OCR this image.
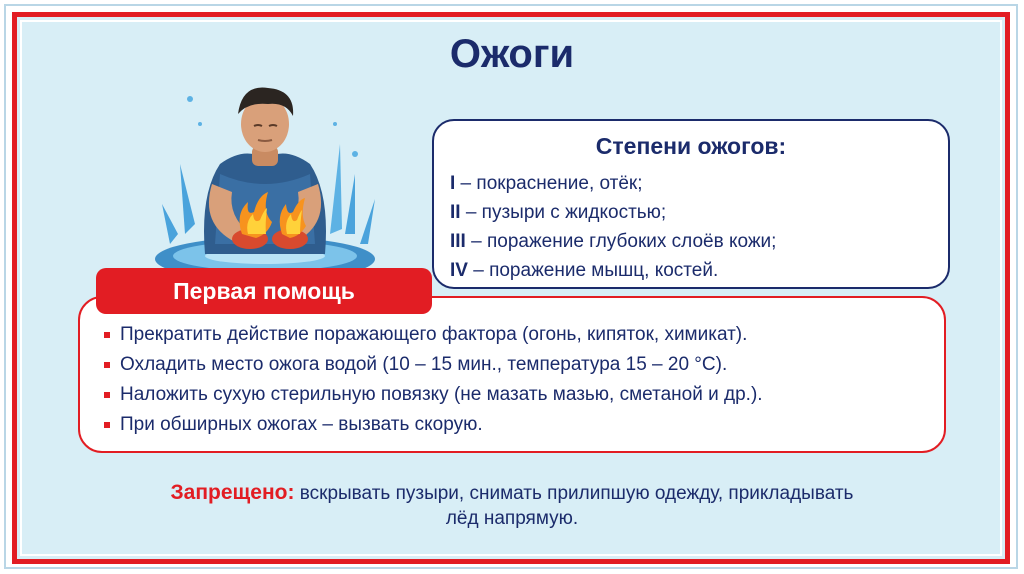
Ожоги
Степени ожогов:
I – покраснение, отёк;
II – пузыри с жидкостью;
III – поражение глубоких слоёв кожи;
IV – поражение мышц, костей.
Первая помощь
Прекратить действие поражающего фактора (огонь, кипяток, химикат).
Охладить место ожога водой (10 – 15 мин., температура 15 – 20 °С).
Наложить сухую стерильную повязку (не мазать мазью, сметаной и др.).
При обширных ожогах – вызвать скорую.
Запрещено: вскрывать пузыри, снимать прилипшую одежду, прикладывать
лёд напрямую.
